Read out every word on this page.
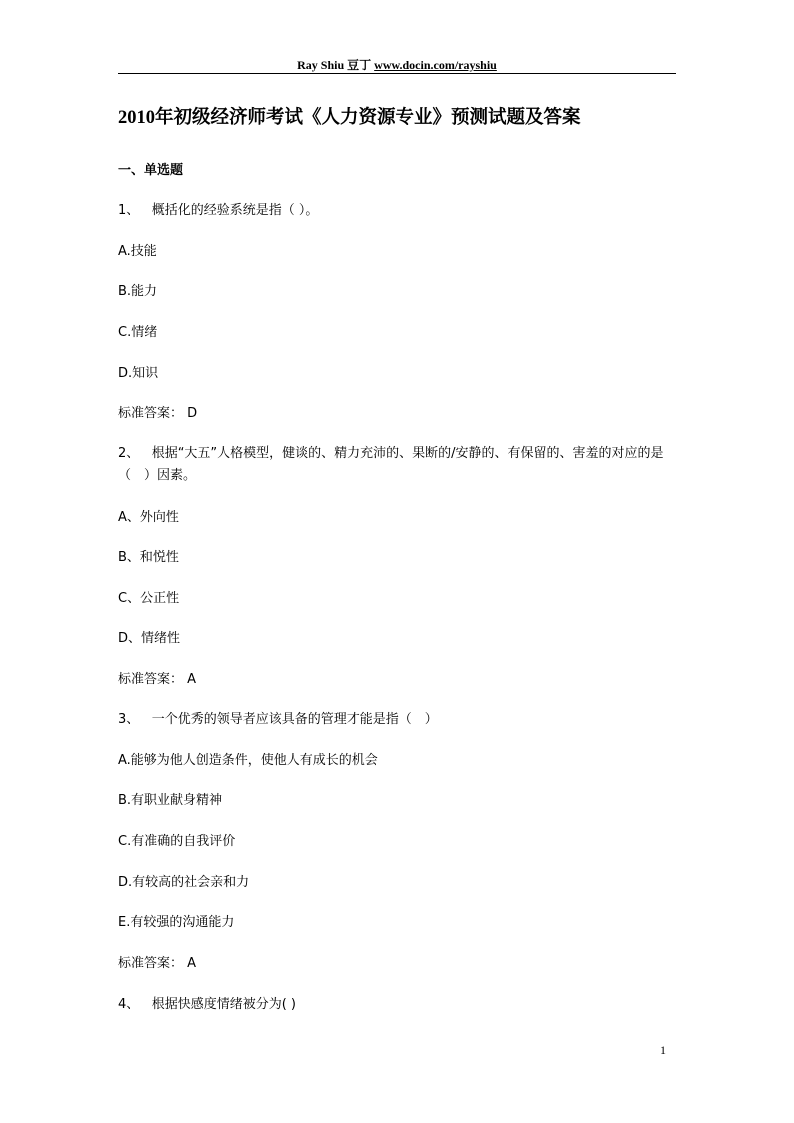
Ray Shiu 豆丁 www.docin.com/rayshiu
2010年初级经济师考试《人力资源专业》预测试题及答案
一、单选题
1、 概括化的经验系统是指（ ）。
A.技能
B.能力
C.情绪
D.知识
标准答案： D
2、 根据“大五”人格模型，健谈的、精力充沛的、果断的/安静的、有保留的、害羞的对应的是（　）因素。
A、外向性
B、和悦性
C、公正性
D、情绪性
标准答案： A
3、 一个优秀的领导者应该具备的管理才能是指（　）
A.能够为他人创造条件，使他人有成长的机会
B.有职业献身精神
C.有准确的自我评价
D.有较高的社会亲和力
E.有较强的沟通能力
标准答案： A
4、 根据快感度情绪被分为( )
1
